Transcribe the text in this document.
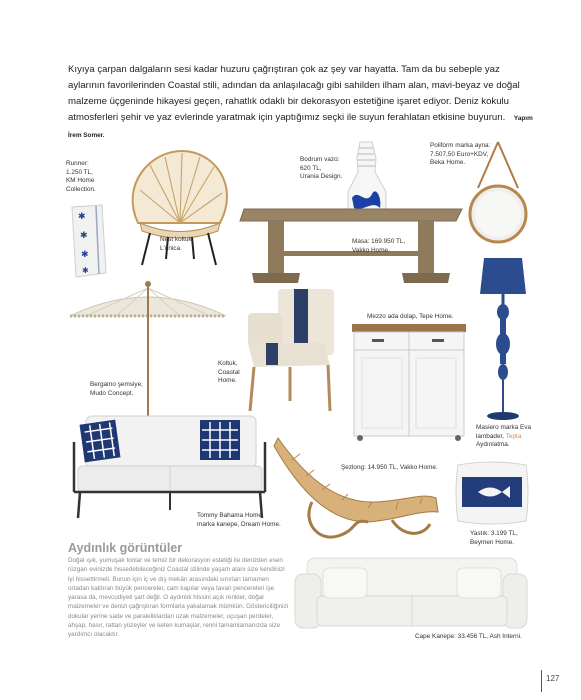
Kıyıya çarpan dalgaların sesi kadar huzuru çağrıştıran çok az şey var hayatta. Tam da bu sebeple yaz aylarının favorilerinden Coastal stili, adından da anlaşılacağı gibi sahilden ilham alan, mavi-beyaz ve doğal malzeme üçgeninde hikayesi geçen, rahatlık odaklı bir dekorasyon estetiğine işaret ediyor. Deniz kokulu atmosferleri şehir ve yaz evlerinde yaratmak için yaptığımız seçki ile suyun ferahlatan etkisine buyurun. Yapım İrem Somer.
✱
✱
✱
✱
Runner:
1.250 TL,
KM Home
Collection.
Nest koltuk,
L'unica.
Bodrum vazo:
620 TL,
Urania Design.
Masa: 169.950 TL,
Vakko Home.
Poliform marka ayna:
7.507,50 Euro+KDV,
Beka Home.
Bergamo şemsiye,
Mudo Concept.
Koltuk,
Coastal
Home.
Mezzo ada dolap, Tepe Home.
Masiero marka Eva
lambader, Tepta
Aydınlatma.
Tommy Bahama Home
marka kanepe, Dream Home.
Şezlong: 14.950 TL, Vakko Home.
Yastık: 3.199 TL,
Beymen Home.
Cape Kanepe: 33.456 TL, Ash Interni.
Aydınlık görüntüler
Doğal ışık, yumuşak tonlar ve temiz bir dekorasyon estetiği ile denizden esen rüzgarı evinizde hissedebileceğiniz Coastal stilinde yaşam alanı size kendinizi iyi hissettirmeli. Bunun için iç ve dış mekân arasındaki sınırları tamamen ortadan kaldıran büyük pencereler, cam kapılar veya tavan pencereleri işe yarasa da, mevcudiyeti şart değil. O aydınlık hissini açık renkler, doğal malzemeler ve denizi çağrıştıran formlarla yakalamak mümkün. Göstericiliğinizi dokular yerine sade ve paraleliklardan uzak malzemeler, uçuşan perdeler, ahşap, hasır, rattan yüzeyler ve keten kumaşlar, renni tamamlamanızda size yardımcı olacaktır.
127
